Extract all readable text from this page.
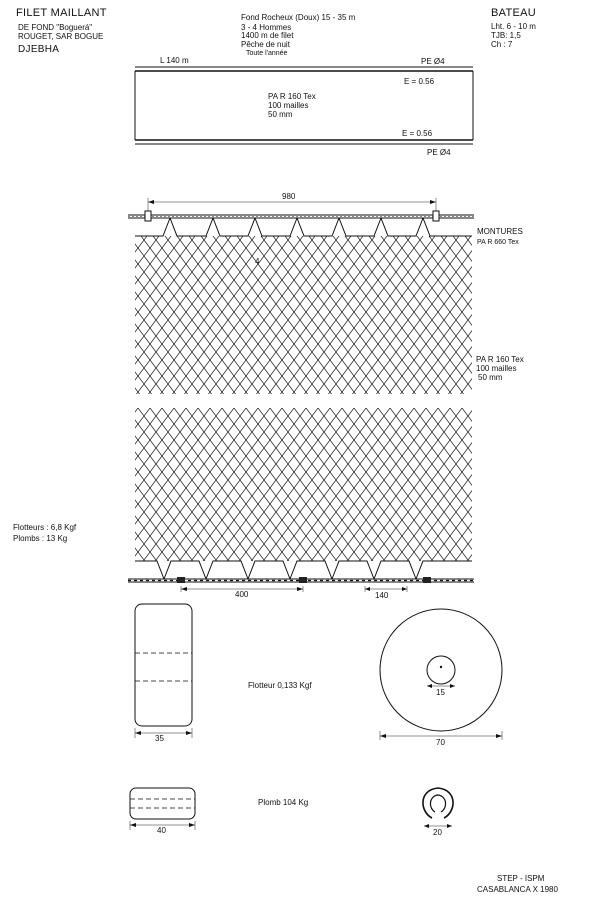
FILET MAILLANT
DE FOND "Boguerá"
ROUGET, SAR BOGUE
DJEBHA
Fond Rocheux (Doux) 15 - 35 m
3 - 4 Hommes
1400 m de filet
Pêche de nuit
Toute l'année
BATEAU
Lht. 6 - 10 m
TJB: 1,5
Ch : 7
L 140 m	PE Ø4
E = 0.56
PA R 160 Tex
100 mailles
50 mm
E = 0.56
PE Ø4
980
MONTURES
PA R 660 Tex
4
PA R 160 Tex
100 mailles
50 mm
Flotteurs : 6,8 Kgf
Plombs : 13 Kg
400	140
35
Flotteur 0,133 Kgf
15
70
Plomb 104 Kg
40	20
STEP - ISPM
CASABLANCA X 1980
